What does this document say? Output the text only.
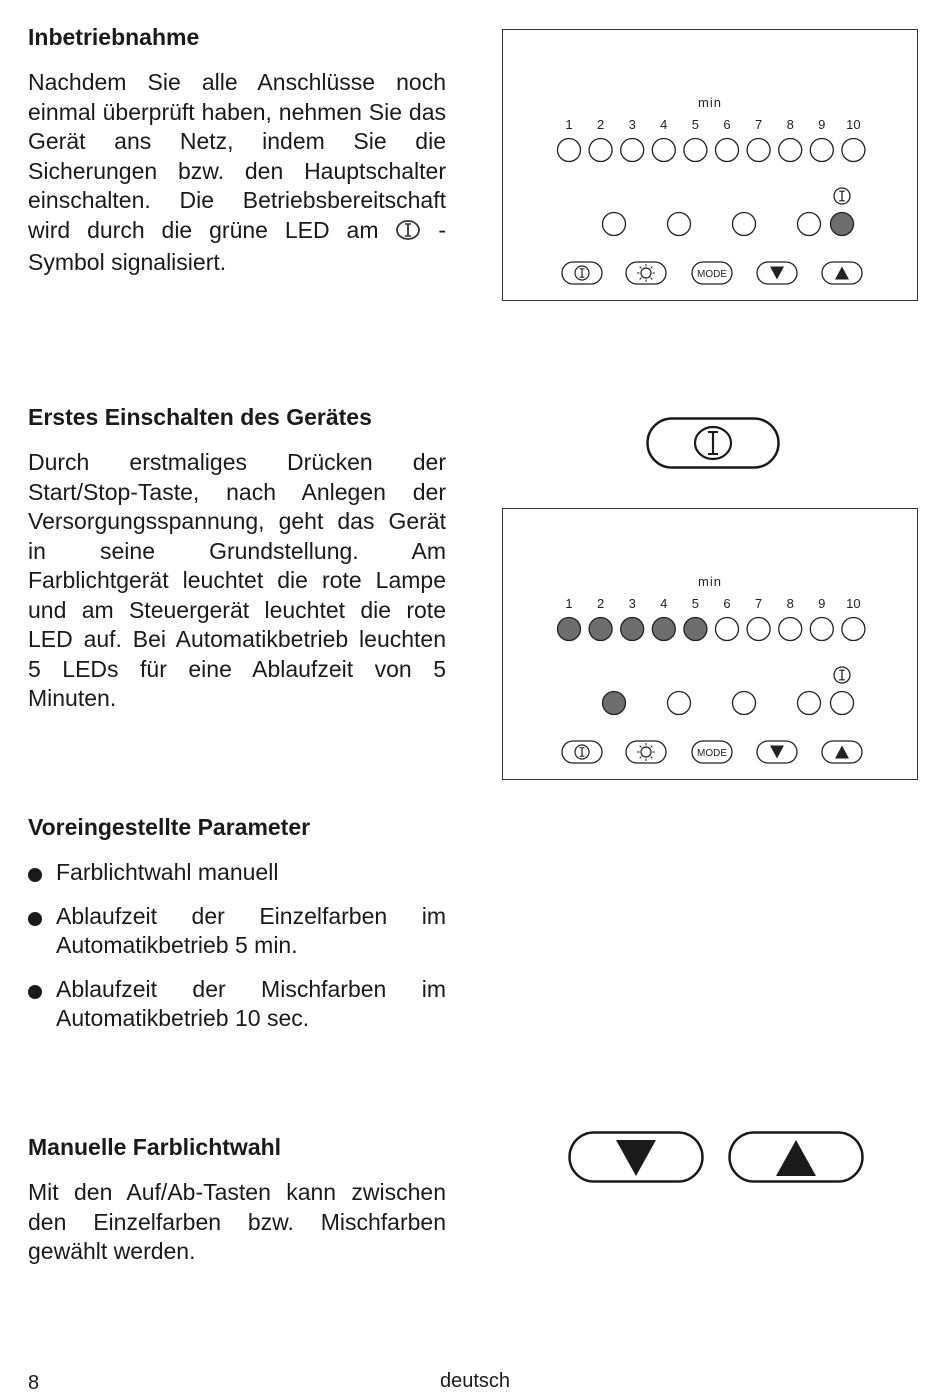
Inbetriebnahme

Nachdem Sie alle Anschlüsse noch einmal überprüft haben, nehmen Sie das Gerät ans Netz, indem Sie die Sicherungen bzw. den Hauptschalter einschalten. Die Betriebsbereitschaft wird durch die grüne LED am  -Symbol signalisiert.

min
1 2 3 4 5 6 7 8 9 10
MODE
Erstes Einschalten des Gerätes

Durch erstmaliges Drücken der Start/Stop-Taste, nach Anlegen der Versorgungsspannung, geht das Gerät in seine Grundstellung. Am Farblichtgerät leuchtet die rote Lampe und am Steuergerät leuchtet die rote LED auf. Bei Automatikbetrieb leuchten 5 LEDs für eine Ablaufzeit von 5 Minuten.

min
1 2 3 4 5 6 7 8 9 10
MODE
Voreingestellte Parameter
Farblichtwahl manuell
Ablaufzeit der Einzelfarben im Automatikbetrieb 5 min.
Ablaufzeit der Mischfarben im Automatikbetrieb 10 sec.
Manuelle Farblichtwahl

Mit den Auf/Ab-Tasten kann zwischen den Einzelfarben bzw. Mischfarben gewählt werden.

8	deutsch
